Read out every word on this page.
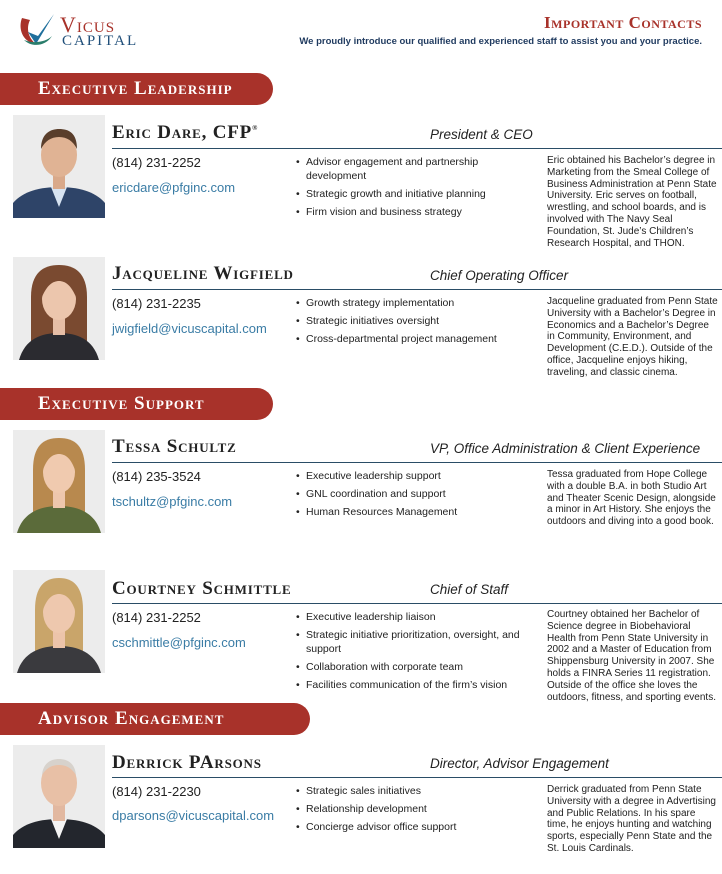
Vicus
CAPITAL
Important Contacts
We proudly introduce our qualified and experienced staff to assist you and your practice.
Executive Leadership
Eric Dare, CFP®	President & CEO
(814) 231-2252
ericdare@pfginc.com
• Advisor engagement and partnership development
• Strategic growth and initiative planning
• Firm vision and business strategy
Eric obtained his Bachelor’s degree in Marketing from the Smeal College of Business Administration at Penn State University. Eric serves on football, wrestling, and school boards, and is involved with The Navy Seal Foundation, St. Jude’s Children’s Research Hospital, and THON.
Jacqueline Wigfield	Chief Operating Officer
(814) 231-2235
jwigfield@vicuscapital.com
• Growth strategy implementation
• Strategic initiatives oversight
• Cross-departmental project management
Jacqueline graduated from Penn State University with a Bachelor’s Degree in Economics and a Bachelor’s Degree in Community, Environment, and Development (C.E.D.). Outside of the office, Jacqueline enjoys hiking, traveling, and classic cinema.
Executive Support
Tessa Schultz	VP, Office Administration & Client Experience
(814) 235-3524
tschultz@pfginc.com
• Executive leadership support
• GNL coordination and support
• Human Resources Management
Tessa graduated from Hope College with a double B.A. in both Studio Art and Theater Scenic Design, alongside a minor in Art History. She enjoys the outdoors and diving into a good book.
Courtney Schmittle	Chief of Staff
(814) 231-2252
cschmittle@pfginc.com
• Executive leadership liaison
• Strategic initiative prioritization, oversight, and support
• Collaboration with corporate team
• Facilities communication of the firm’s vision
Courtney obtained her Bachelor of Science degree in Biobehavioral Health from Penn State University in 2002 and a Master of Education from Shippensburg University in 2007. She holds a FINRA Series 11 registration. Outside of the office she loves the outdoors, fitness, and sporting events.
Advisor Engagement
Derrick PArsons	Director, Advisor Engagement
(814) 231-2230
dparsons@vicuscapital.com
• Strategic sales initiatives
• Relationship development
• Concierge advisor office support
Derrick graduated from Penn State University with a degree in Advertising and Public Relations. In his spare time, he enjoys hunting and watching sports, especially Penn State and the St. Louis Cardinals.
